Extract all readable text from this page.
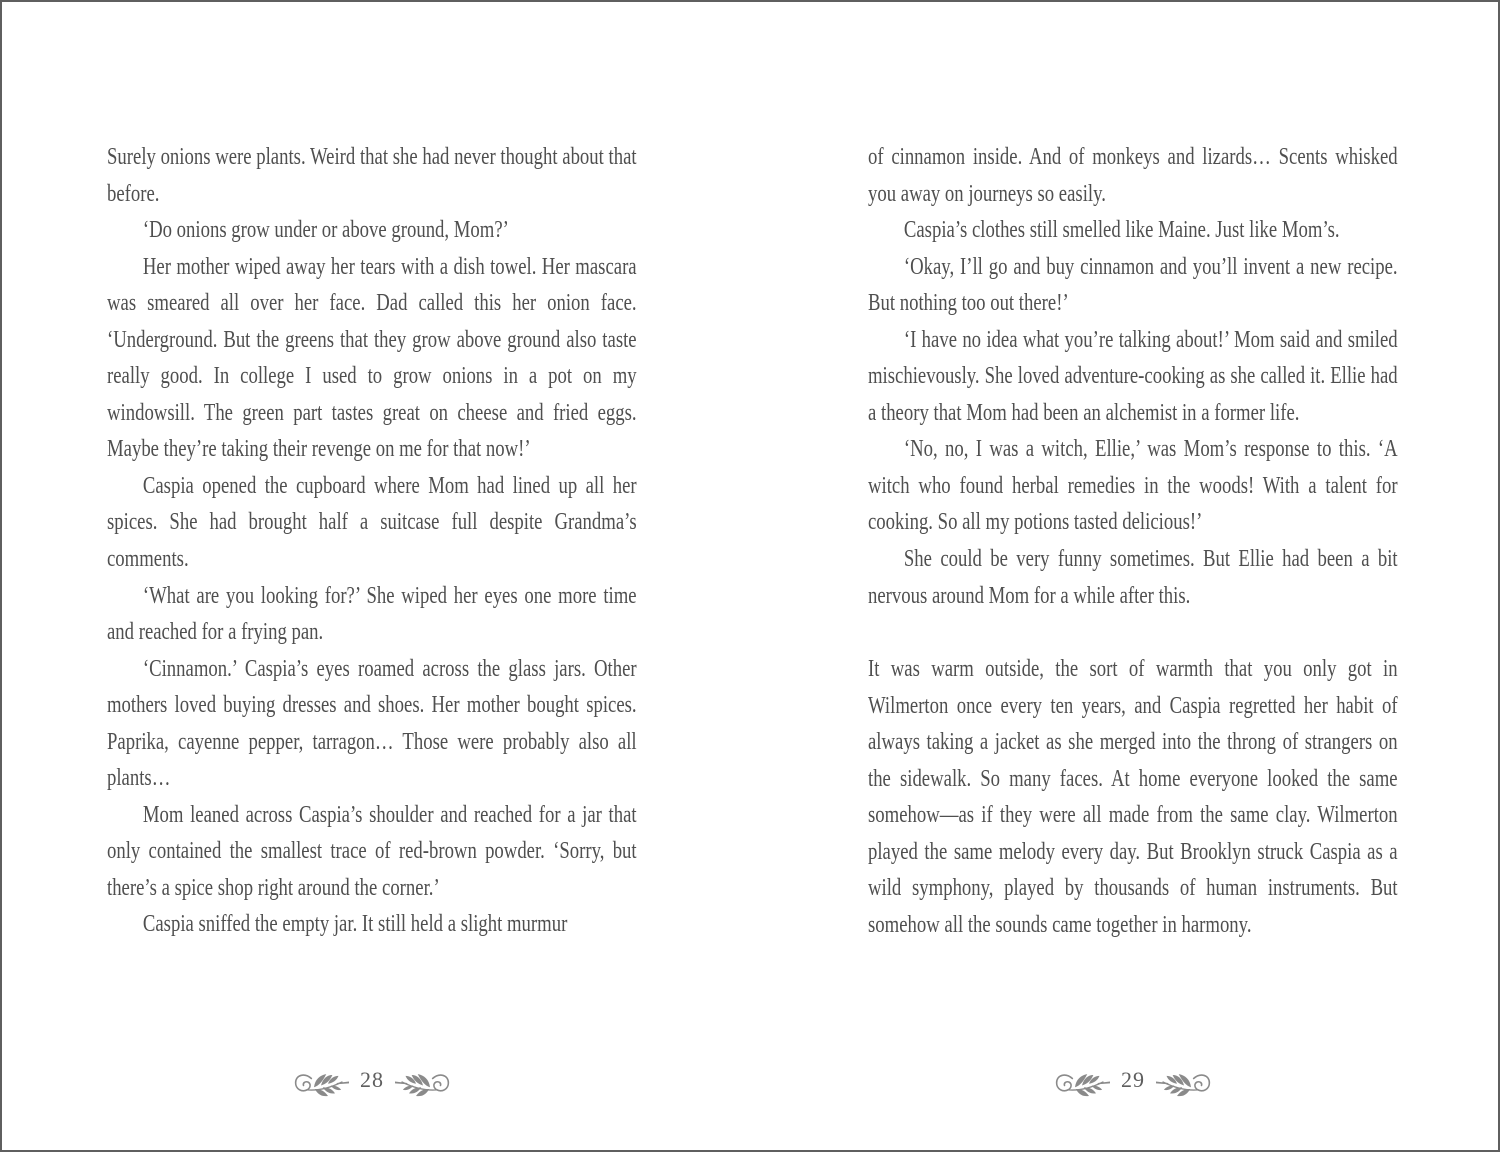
Surely onions were plants. Weird that she had never thought about that before.

‘Do onions grow under or above ground, Mom?’

Her mother wiped away her tears with a dish towel. Her mascara was smeared all over her face. Dad called this her onion face. ‘Underground. But the greens that they grow above ground also taste really good. In college I used to grow onions in a pot on my windowsill. The green part tastes great on cheese and fried eggs. Maybe they’re taking their revenge on me for that now!’

Caspia opened the cupboard where Mom had lined up all her spices. She had brought half a suitcase full despite Grandma’s comments.

‘What are you looking for?’ She wiped her eyes one more time and reached for a frying pan.

‘Cinnamon.’ Caspia’s eyes roamed across the glass jars. Other mothers loved buying dresses and shoes. Her mother bought spices. Paprika, cayenne pepper, tarragon… Those were probably also all plants…

Mom leaned across Caspia’s shoulder and reached for a jar that only contained the smallest trace of red-brown powder. ‘Sorry, but there’s a spice shop right around the corner.’

Caspia sniffed the empty jar. It still held a slight murmur

28

of cinnamon inside. And of monkeys and lizards… Scents whisked you away on journeys so easily.

Caspia’s clothes still smelled like Maine. Just like Mom’s.

‘Okay, I’ll go and buy cinnamon and you’ll invent a new recipe. But nothing too out there!’

‘I have no idea what you’re talking about!’ Mom said and smiled mischievously. She loved adventure-cooking as she called it. Ellie had a theory that Mom had been an alchemist in a former life.

‘No, no, I was a witch, Ellie,’ was Mom’s response to this. ‘A witch who found herbal remedies in the woods! With a talent for cooking. So all my potions tasted delicious!’

She could be very funny sometimes. But Ellie had been a bit nervous around Mom for a while after this.

It was warm outside, the sort of warmth that you only got in Wilmerton once every ten years, and Caspia regretted her habit of always taking a jacket as she merged into the throng of strangers on the sidewalk. So many faces. At home everyone looked the same somehow—as if they were all made from the same clay. Wilmerton played the same melody every day. But Brooklyn struck Caspia as a wild symphony, played by thousands of human instruments. But somehow all the sounds came together in harmony.

29
